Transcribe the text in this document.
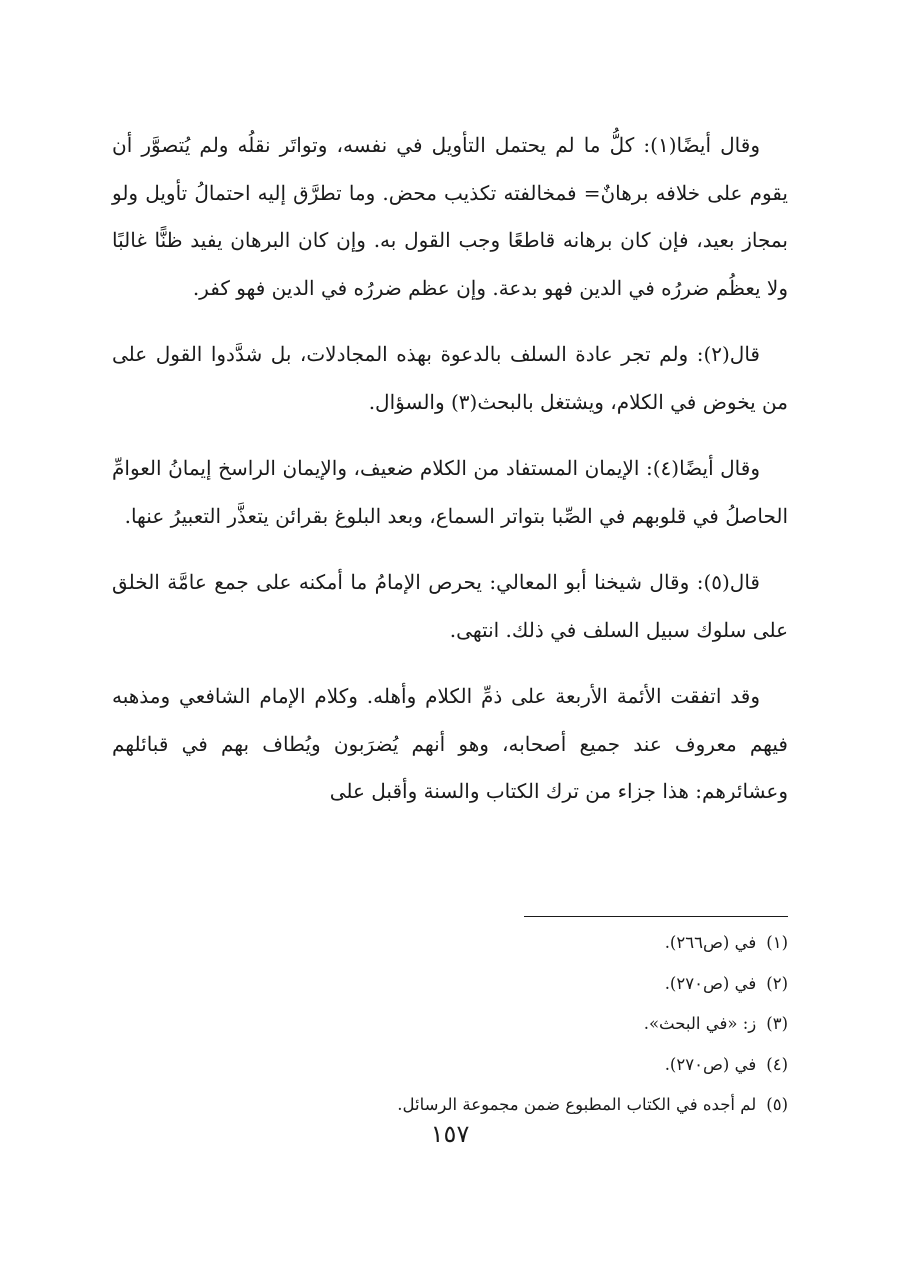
وقال أيضًا(١): كلُّ ما لم يحتمل التأويل في نفسه، وتواتَر نقلُه ولم يُتصوَّر أن يقوم على خلافه برهانٌ= فمخالفته تكذيب محض. وما تطرَّق إليه احتمالُ تأويل ولو بمجاز بعيد، فإن كان برهانه قاطعًا وجب القول به. وإن كان البرهان يفيد ظنًّا غالبًا ولا يعظُم ضررُه في الدين فهو بدعة. وإن عظم ضررُه في الدين فهو كفر.

قال(٢): ولم تجر عادة السلف بالدعوة بهذه المجادلات، بل شدَّدوا القول على من يخوض في الكلام، ويشتغل بالبحث(٣) والسؤال.

وقال أيضًا(٤): الإيمان المستفاد من الكلام ضعيف، والإيمان الراسخ إيمانُ العوامِّ الحاصلُ في قلوبهم في الصِّبا بتواتر السماع، وبعد البلوغ بقرائن يتعذَّر التعبيرُ عنها.

قال(٥): وقال شيخنا أبو المعالي: يحرص الإمامُ ما أمكنه على جمع عامَّة الخلق على سلوك سبيل السلف في ذلك. انتهى.

وقد اتفقت الأئمة الأربعة على ذمِّ الكلام وأهله. وكلام الإمام الشافعي ومذهبه فيهم معروف عند جميع أصحابه، وهو أنهم يُضرَبون ويُطاف بهم في قبائلهم وعشائرهم: هذا جزاء من ترك الكتاب والسنة وأقبل على

(١)في (ص٢٦٦).
(٢)في (ص٢٧٠).
(٣)ز: «في البحث».
(٤)في (ص٢٧٠).
(٥)لم أجده في الكتاب المطبوع ضمن مجموعة الرسائل.
١٥٧
